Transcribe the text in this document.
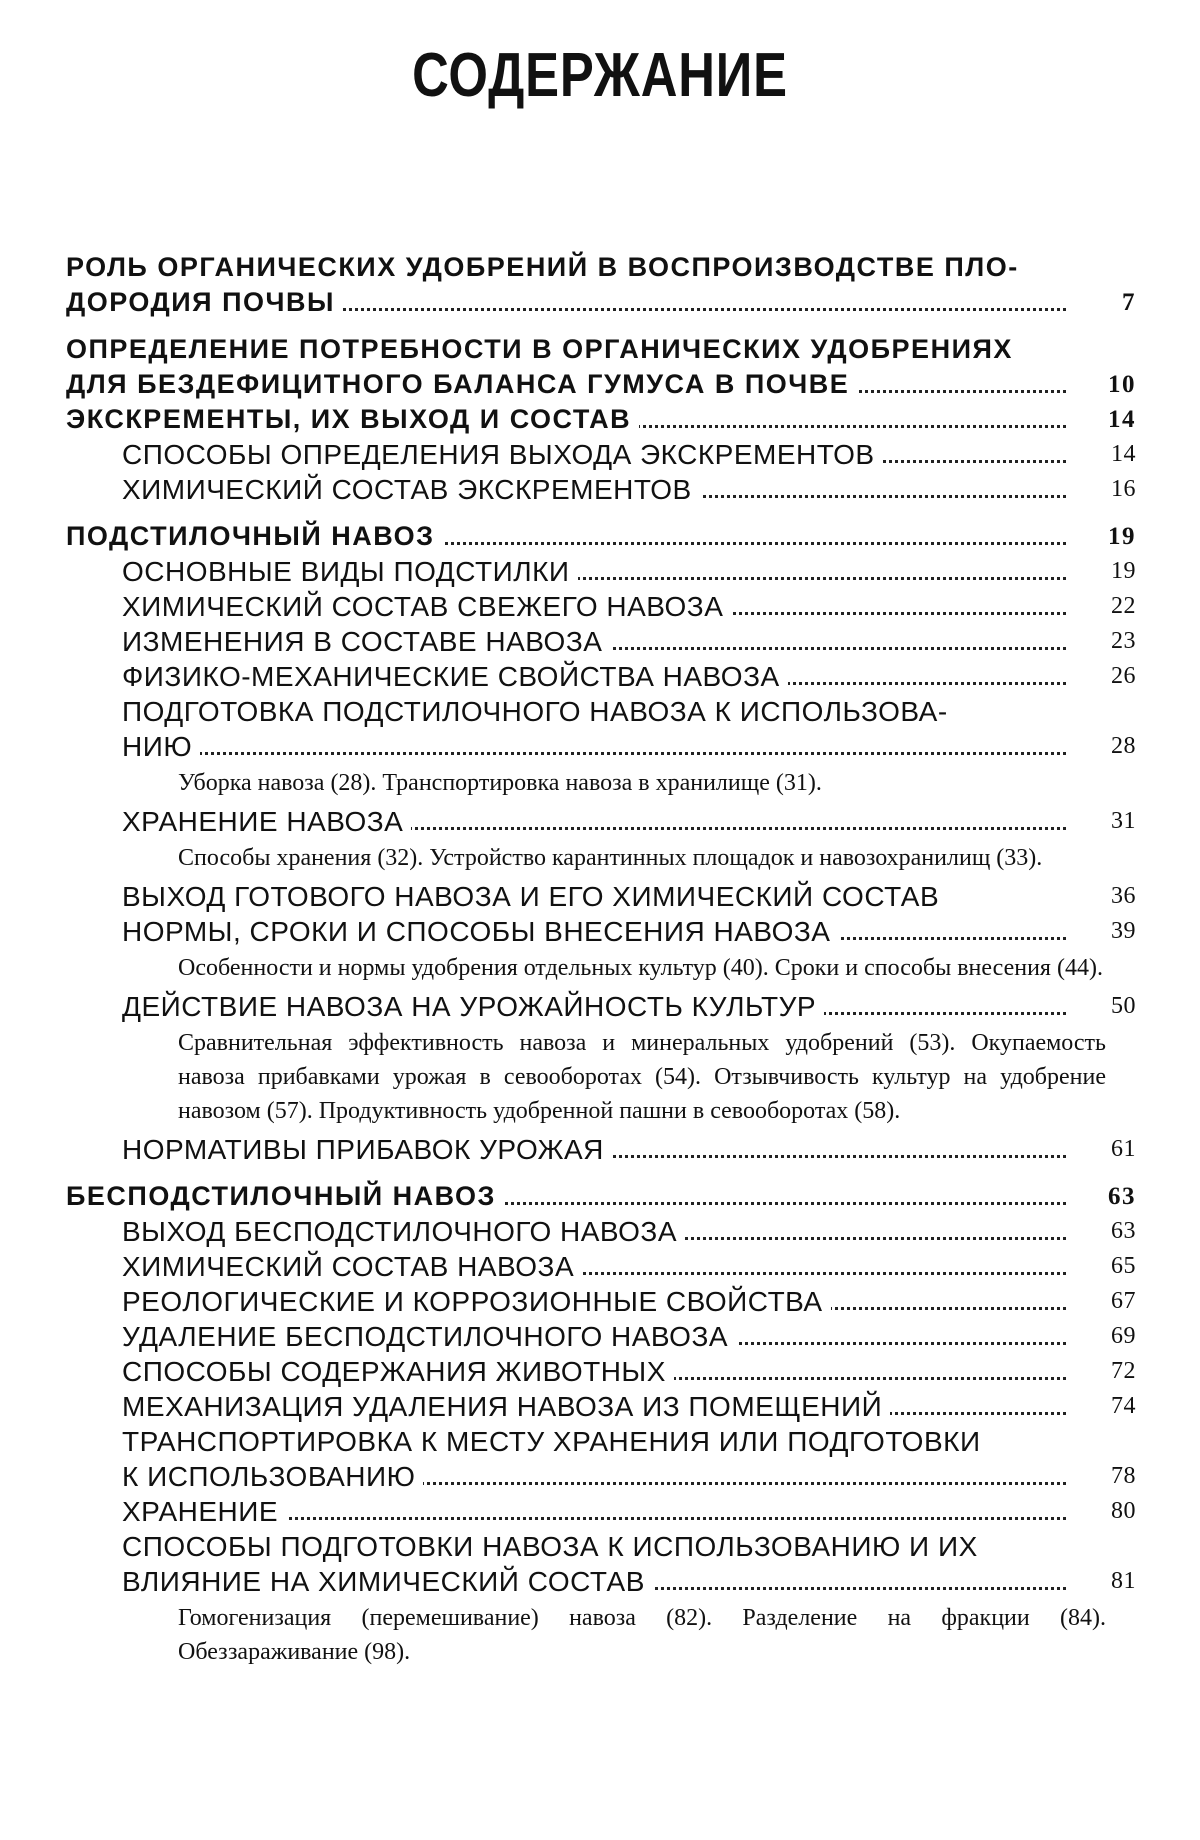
СОДЕРЖАНИЕ
РОЛЬ ОРГАНИЧЕСКИХ УДОБРЕНИЙ В ВОСПРОИЗВОДСТВЕ ПЛО-
ДОРОДИЯ ПОЧВЫ	7
ОПРЕДЕЛЕНИЕ ПОТРЕБНОСТИ В ОРГАНИЧЕСКИХ УДОБРЕНИЯХ
ДЛЯ БЕЗДЕФИЦИТНОГО БАЛАНСА ГУМУСА В ПОЧВЕ	10
ЭКСКРЕМЕНТЫ, ИХ ВЫХОД И СОСТАВ	14
СПОСОБЫ ОПРЕДЕЛЕНИЯ ВЫХОДА ЭКСКРЕМЕНТОВ	14
ХИМИЧЕСКИЙ СОСТАВ ЭКСКРЕМЕНТОВ	16
ПОДСТИЛОЧНЫЙ НАВОЗ	19
ОСНОВНЫЕ ВИДЫ ПОДСТИЛКИ	19
ХИМИЧЕСКИЙ СОСТАВ СВЕЖЕГО НАВОЗА	22
ИЗМЕНЕНИЯ В СОСТАВЕ НАВОЗА	23
ФИЗИКО-МЕХАНИЧЕСКИЕ СВОЙСТВА НАВОЗА	26
ПОДГОТОВКА ПОДСТИЛОЧНОГО НАВОЗА К ИСПОЛЬЗОВА-
НИЮ	28
Уборка навоза (28). Транспортировка навоза в хранилище (31).
ХРАНЕНИЕ НАВОЗА	31
Способы хранения (32). Устройство карантинных площадок и навозохранилищ (33).
ВЫХОД ГОТОВОГО НАВОЗА И ЕГО ХИМИЧЕСКИЙ СОСТАВ	36
НОРМЫ, СРОКИ И СПОСОБЫ ВНЕСЕНИЯ НАВОЗА	39
Особенности и нормы удобрения отдельных культур (40). Сроки и способы внесения (44).
ДЕЙСТВИЕ НАВОЗА НА УРОЖАЙНОСТЬ КУЛЬТУР	50
Сравнительная эффективность навоза и минеральных удобрений (53). Окупаемость навоза прибавками урожая в севооборотах (54). Отзывчивость культур на удобрение навозом (57). Продуктивность удобренной пашни в севооборотах (58).
НОРМАТИВЫ ПРИБАВОК УРОЖАЯ	61
БЕСПОДСТИЛОЧНЫЙ НАВОЗ	63
ВЫХОД БЕСПОДСТИЛОЧНОГО НАВОЗА	63
ХИМИЧЕСКИЙ СОСТАВ НАВОЗА	65
РЕОЛОГИЧЕСКИЕ И КОРРОЗИОННЫЕ СВОЙСТВА	67
УДАЛЕНИЕ БЕСПОДСТИЛОЧНОГО НАВОЗА	69
СПОСОБЫ СОДЕРЖАНИЯ ЖИВОТНЫХ	72
МЕХАНИЗАЦИЯ УДАЛЕНИЯ НАВОЗА ИЗ ПОМЕЩЕНИЙ	74
ТРАНСПОРТИРОВКА К МЕСТУ ХРАНЕНИЯ ИЛИ ПОДГОТОВКИ
К ИСПОЛЬЗОВАНИЮ	78
ХРАНЕНИЕ	80
СПОСОБЫ ПОДГОТОВКИ НАВОЗА К ИСПОЛЬЗОВАНИЮ И ИХ
ВЛИЯНИЕ НА ХИМИЧЕСКИЙ СОСТАВ	81
Гомогенизация (перемешивание) навоза (82). Разделение на фракции (84). Обеззараживание (98).
